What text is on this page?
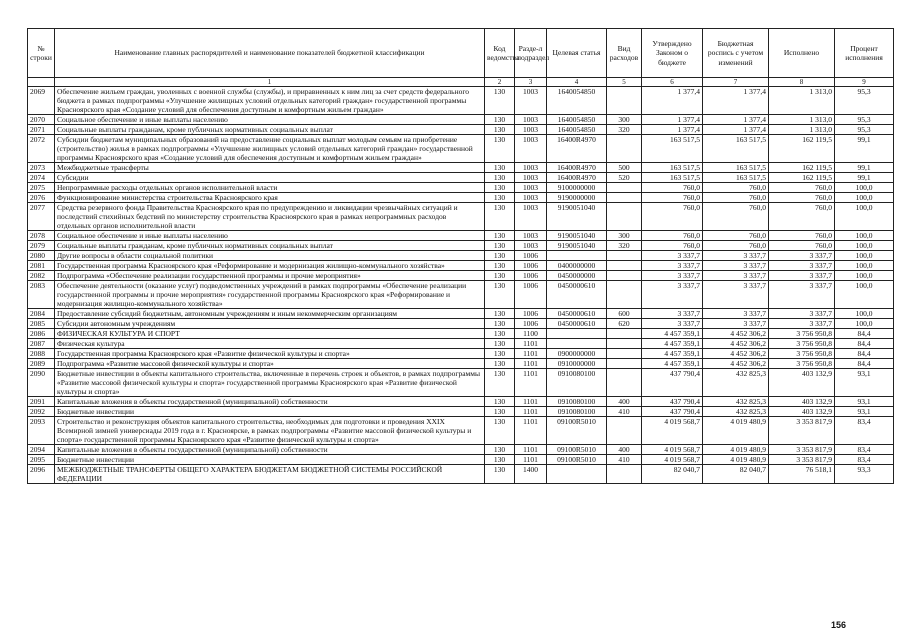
№ строки	Наименование главных распорядителей и наименование показателей бюджетной классификации	Код ведомства	Разде-л подраздел	Целевая статья	Вид расходов	Утверждено Законом о бюджете	Бюджетная роспись с учетом изменений	Исполнено	Процент исполнения
	1	2	3	4	5	6	7	8	9
2069	Обеспечение жильем граждан, уволенных с военной службы (службы), и приравненных к ним лиц за счет средств федерального бюджета в рамках подпрограммы «Улучшение жилищных условий отдельных категорий граждан» государственной программы Красноярского края «Создание условий для обеспечения доступным и комфортным жильем граждан»	130	1003	1640054850		1 377,4	1 377,4	1 313,0	95,3
2070	Социальное обеспечение и иные выплаты населению	130	1003	1640054850	300	1 377,4	1 377,4	1 313,0	95,3
2071	Социальные выплаты гражданам, кроме публичных нормативных социальных выплат	130	1003	1640054850	320	1 377,4	1 377,4	1 313,0	95,3
2072	Субсидии бюджетам муниципальных образований на предоставление социальных выплат молодым семьям на приобретение (строительство) жилья в рамках подпрограммы «Улучшение жилищных условий отдельных категорий граждан» государственной программы Красноярского края «Создание условий для обеспечения доступным и комфортным жильем граждан»	130	1003	16400R4970		163 517,5	163 517,5	162 119,5	99,1
2073	Межбюджетные трансферты	130	1003	16400R4970	500	163 517,5	163 517,5	162 119,5	99,1
2074	Субсидии	130	1003	16400R4970	520	163 517,5	163 517,5	162 119,5	99,1
2075	Непрограммные расходы отдельных органов исполнительной власти	130	1003	9100000000		760,0	760,0	760,0	100,0
2076	Функционирование министерства строительства Красноярского края	130	1003	9190000000		760,0	760,0	760,0	100,0
2077	Средства резервного фонда Правительства Красноярского края по предупреждению и ликвидации чрезвычайных ситуаций и последствий стихийных бедствий по министерству строительства Красноярского края в рамках непрограммных расходов отдельных органов исполнительной власти	130	1003	9190051040		760,0	760,0	760,0	100,0
2078	Социальное обеспечение и иные выплаты населению	130	1003	9190051040	300	760,0	760,0	760,0	100,0
2079	Социальные выплаты гражданам, кроме публичных нормативных социальных выплат	130	1003	9190051040	320	760,0	760,0	760,0	100,0
2080	Другие вопросы в области социальной политики	130	1006			3 337,7	3 337,7	3 337,7	100,0
2081	Государственная программа Красноярского края «Реформирование и модернизация жилищно-коммунального хозяйства»	130	1006	0400000000		3 337,7	3 337,7	3 337,7	100,0
2082	Подпрограмма «Обеспечение реализации государственной программы и прочие мероприятия»	130	1006	0450000000		3 337,7	3 337,7	3 337,7	100,0
2083	Обеспечение деятельности (оказание услуг) подведомственных учреждений в рамках подпрограммы «Обеспечение реализации государственной программы и прочие мероприятия» государственной программы Красноярского края «Реформирование и модернизация жилищно-коммунального хозяйства»	130	1006	0450000610		3 337,7	3 337,7	3 337,7	100,0
2084	Предоставление субсидий бюджетным, автономным учреждениям и иным некоммерческим организациям	130	1006	0450000610	600	3 337,7	3 337,7	3 337,7	100,0
2085	Субсидии автономным учреждениям	130	1006	0450000610	620	3 337,7	3 337,7	3 337,7	100,0
2086	ФИЗИЧЕСКАЯ КУЛЬТУРА И СПОРТ	130	1100			4 457 359,1	4 452 306,2	3 756 950,8	84,4
2087	Физическая культура	130	1101			4 457 359,1	4 452 306,2	3 756 950,8	84,4
2088	Государственная программа Красноярского края «Развитие физической культуры и спорта»	130	1101	0900000000		4 457 359,1	4 452 306,2	3 756 950,8	84,4
2089	Подпрограмма «Развитие массовой физической культуры и спорта»	130	1101	0910000000		4 457 359,1	4 452 306,2	3 756 950,8	84,4
2090	Бюджетные инвестиции в объекты капитального строительства, включенные в перечень строек и объектов, в рамках подпрограммы «Развитие массовой физической культуры и спорта» государственной программы Красноярского края «Развитие физической культуры и спорта»	130	1101	0910080100		437 790,4	432 825,3	403 132,9	93,1
2091	Капитальные вложения в объекты государственной (муниципальной) собственности	130	1101	0910080100	400	437 790,4	432 825,3	403 132,9	93,1
2092	Бюджетные инвестиции	130	1101	0910080100	410	437 790,4	432 825,3	403 132,9	93,1
2093	Строительство и реконструкция объектов капитального строительства, необходимых для подготовки и проведения XXIX Всемирной зимней универсиады 2019 года в г. Красноярске, в рамках подпрограммы «Развитие массовой физической культуры и спорта» государственной программы Красноярского края «Развитие физической культуры и спорта»	130	1101	09100R5010		4 019 568,7	4 019 480,9	3 353 817,9	83,4
2094	Капитальные вложения в объекты государственной (муниципальной) собственности	130	1101	09100R5010	400	4 019 568,7	4 019 480,9	3 353 817,9	83,4
2095	Бюджетные инвестиции	130	1101	09100R5010	410	4 019 568,7	4 019 480,9	3 353 817,9	83,4
2096	МЕЖБЮДЖЕТНЫЕ ТРАНСФЕРТЫ ОБЩЕГО ХАРАКТЕРА БЮДЖЕТАМ БЮДЖЕТНОЙ СИСТЕМЫ РОССИЙСКОЙ ФЕДЕРАЦИИ	130	1400			82 040,7	82 040,7	76 518,1	93,3
156
